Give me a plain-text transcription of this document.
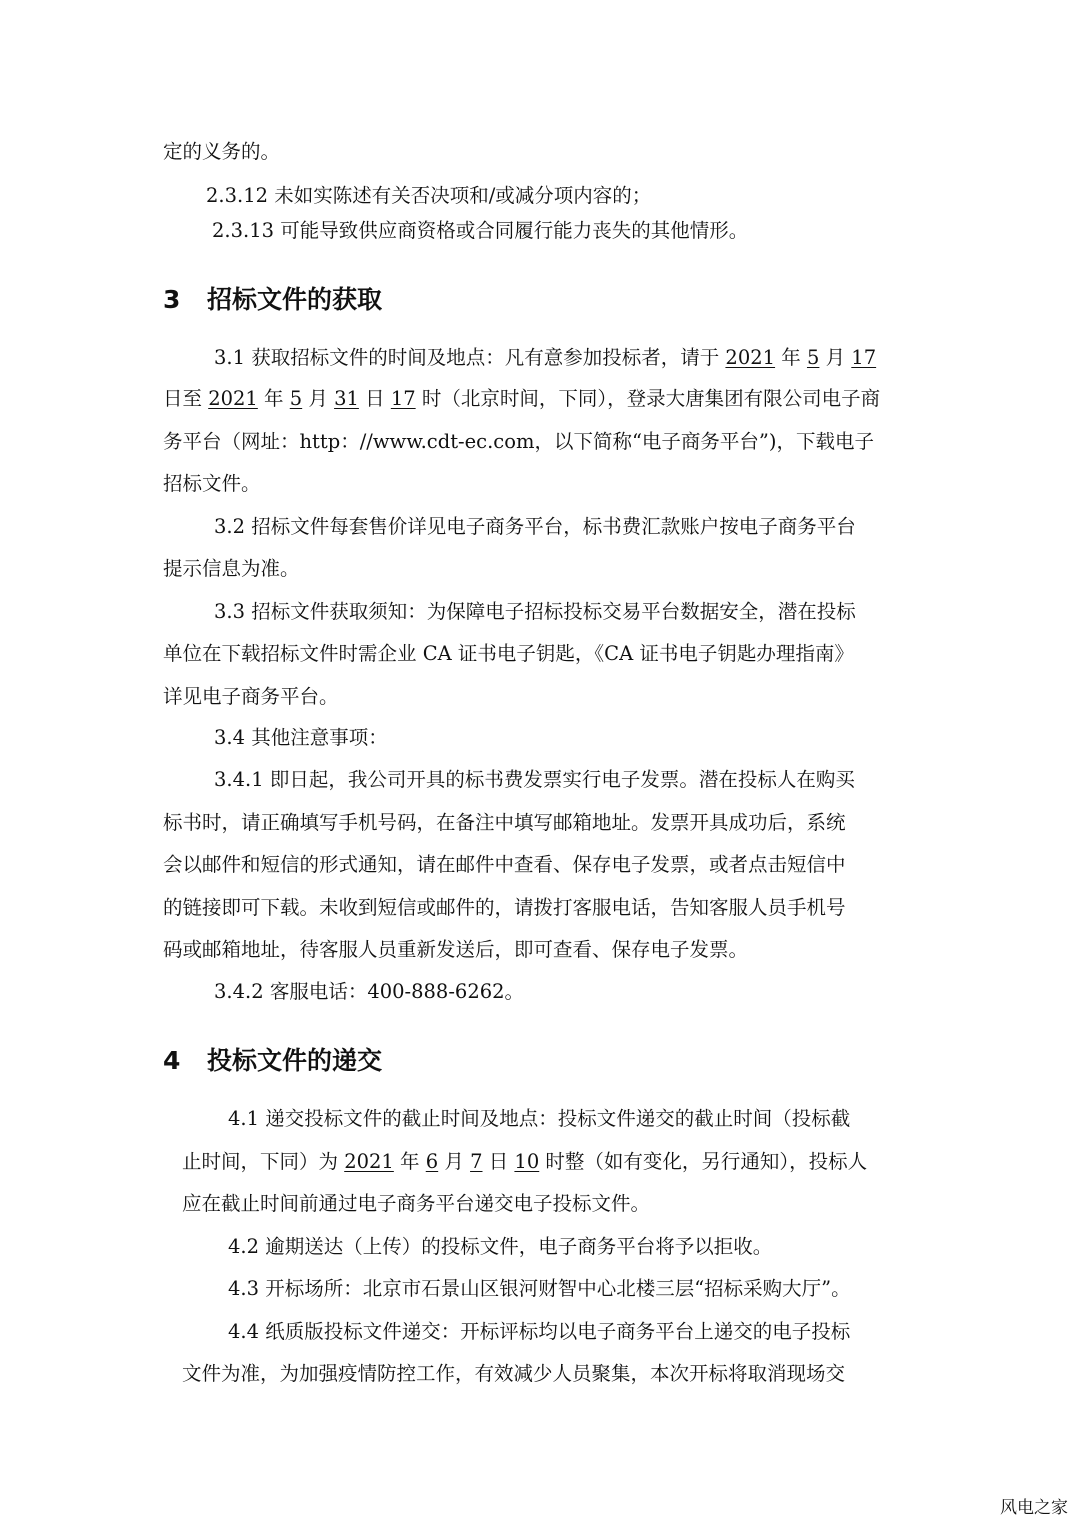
定的义务的。

2.3.12 未如实陈述有关否决项和/或减分项内容的；

2.3.13 可能导致供应商资格或合同履行能力丧失的其他情形。

3 招标文件的获取

3.1 获取招标文件的时间及地点：凡有意参加投标者，请于 2021 年 5 月 17

日至 2021 年 5 月 31 日 17 时（北京时间，下同），登录大唐集团有限公司电子商

务平台（网址：http：//www.cdt-ec.com，以下简称“电子商务平台”)，下载电子

招标文件。

3.2 招标文件每套售价详见电子商务平台，标书费汇款账户按电子商务平台

提示信息为准。

3.3 招标文件获取须知：为保障电子招标投标交易平台数据安全，潜在投标

单位在下载招标文件时需企业 CA 证书电子钥匙，《CA 证书电子钥匙办理指南》

详见电子商务平台。

3.4 其他注意事项：

3.4.1 即日起，我公司开具的标书费发票实行电子发票。潜在投标人在购买

标书时，请正确填写手机号码，在备注中填写邮箱地址。发票开具成功后，系统

会以邮件和短信的形式通知，请在邮件中查看、保存电子发票，或者点击短信中

的链接即可下载。未收到短信或邮件的，请拨打客服电话，告知客服人员手机号

码或邮箱地址，待客服人员重新发送后，即可查看、保存电子发票。

3.4.2 客服电话：400-888-6262。

4 投标文件的递交

4.1 递交投标文件的截止时间及地点：投标文件递交的截止时间（投标截

止时间，下同）为 2021 年 6 月 7 日 10 时整（如有变化，另行通知），投标人

应在截止时间前通过电子商务平台递交电子投标文件。

4.2 逾期送达（上传）的投标文件，电子商务平台将予以拒收。

4.3 开标场所：北京市石景山区银河财智中心北楼三层“招标采购大厅”。

4.4 纸质版投标文件递交：开标评标均以电子商务平台上递交的电子投标

文件为准，为加强疫情防控工作，有效减少人员聚集，本次开标将取消现场交

风电之家
